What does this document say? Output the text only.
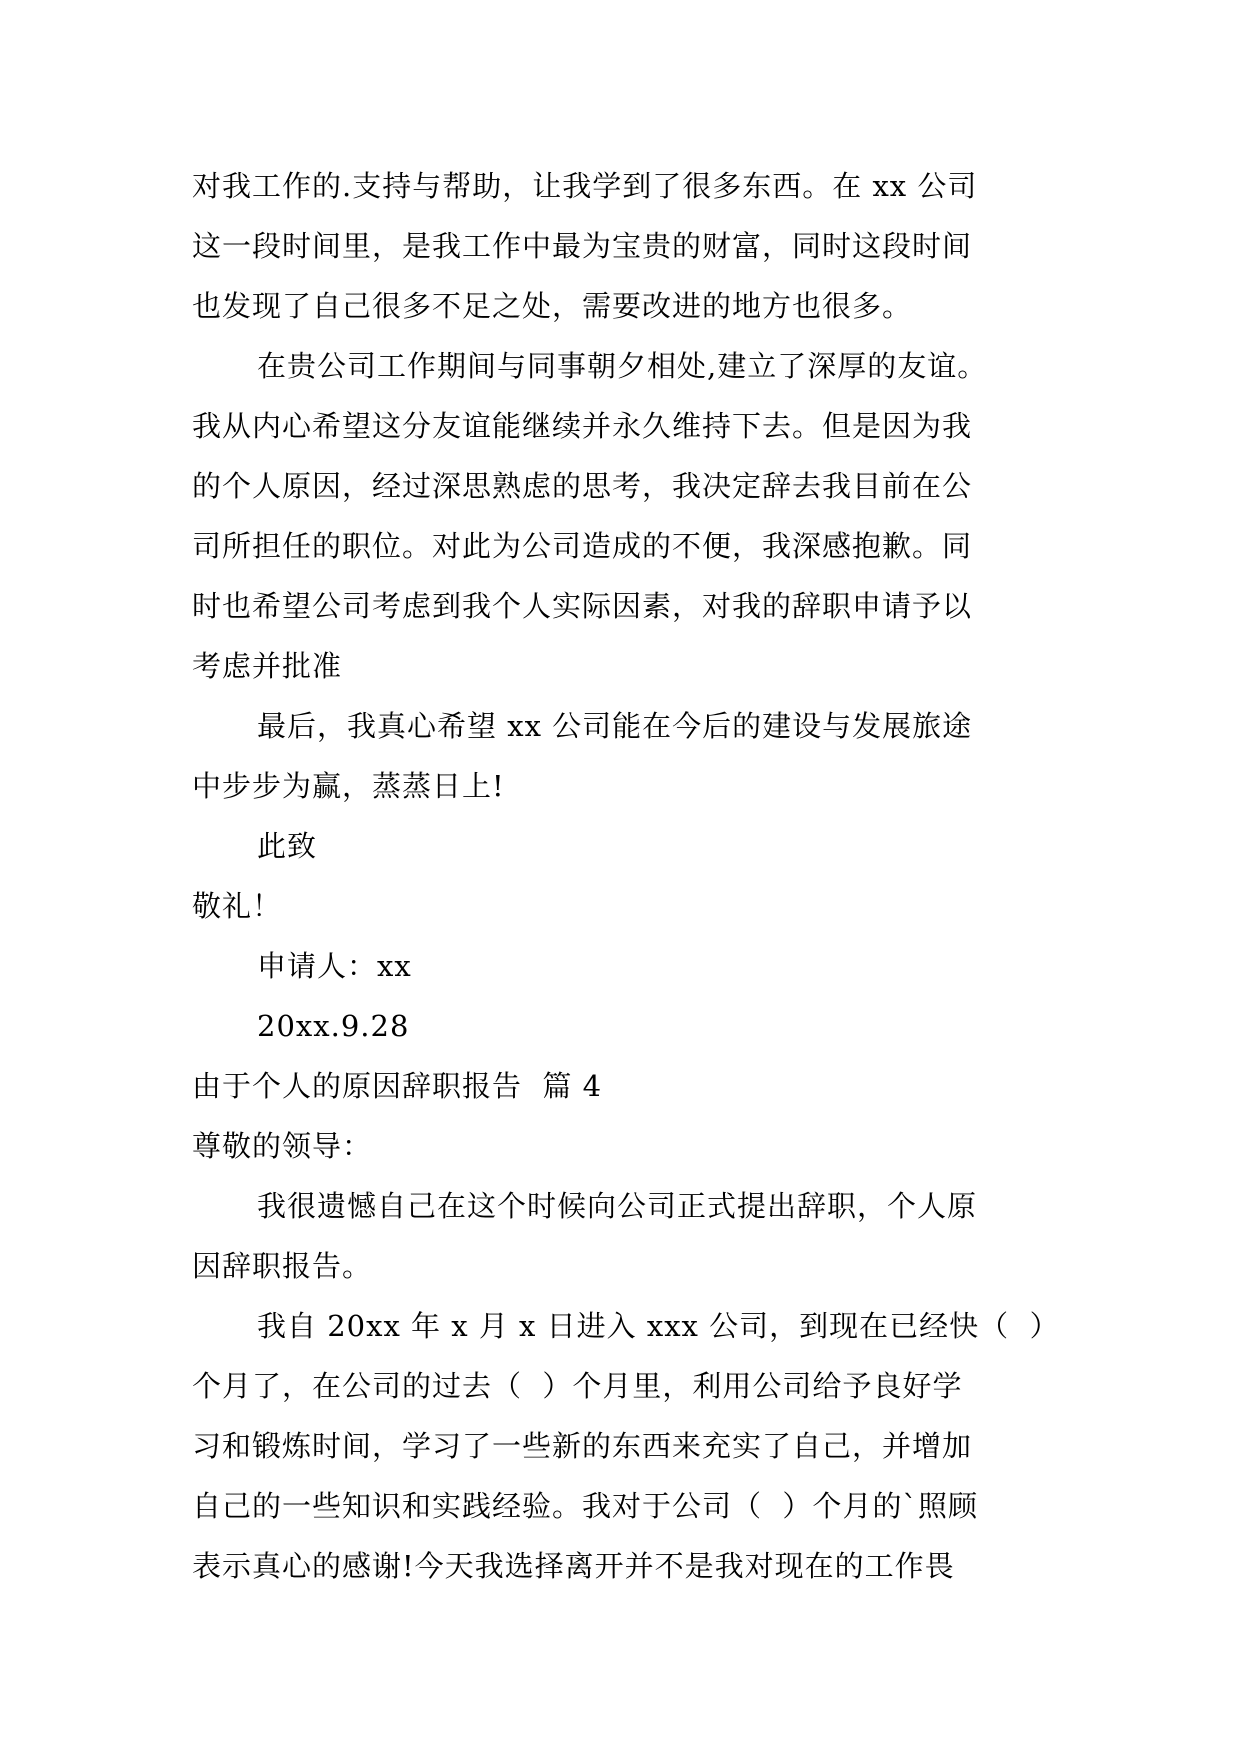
对我工作的.支持与帮助，让我学到了很多东西。在 xx 公司
这一段时间里，是我工作中最为宝贵的财富，同时这段时间
也发现了自己很多不足之处，需要改进的地方也很多。
在贵公司工作期间与同事朝夕相处,建立了深厚的友谊。
我从内心希望这分友谊能继续并永久维持下去。但是因为我
的个人原因，经过深思熟虑的思考，我决定辞去我目前在公
司所担任的职位。对此为公司造成的不便，我深感抱歉。同
时也希望公司考虑到我个人实际因素，对我的辞职申请予以
考虑并批准
最后，我真心希望 xx 公司能在今后的建设与发展旅途
中步步为赢，蒸蒸日上!
此致
敬礼！
申请人：xx
20xx.9.28
由于个人的原因辞职报告  篇 4
尊敬的领导：
我很遗憾自己在这个时候向公司正式提出辞职，个人原
因辞职报告。
我自 20xx 年 x 月 x 日进入 xxx 公司，到现在已经快（  ）
个月了，在公司的过去（  ）个月里，利用公司给予良好学
习和锻炼时间，学习了一些新的东西来充实了自己，并增加
自己的一些知识和实践经验。我对于公司（  ）个月的`照顾
表示真心的感谢!今天我选择离开并不是我对现在的工作畏
